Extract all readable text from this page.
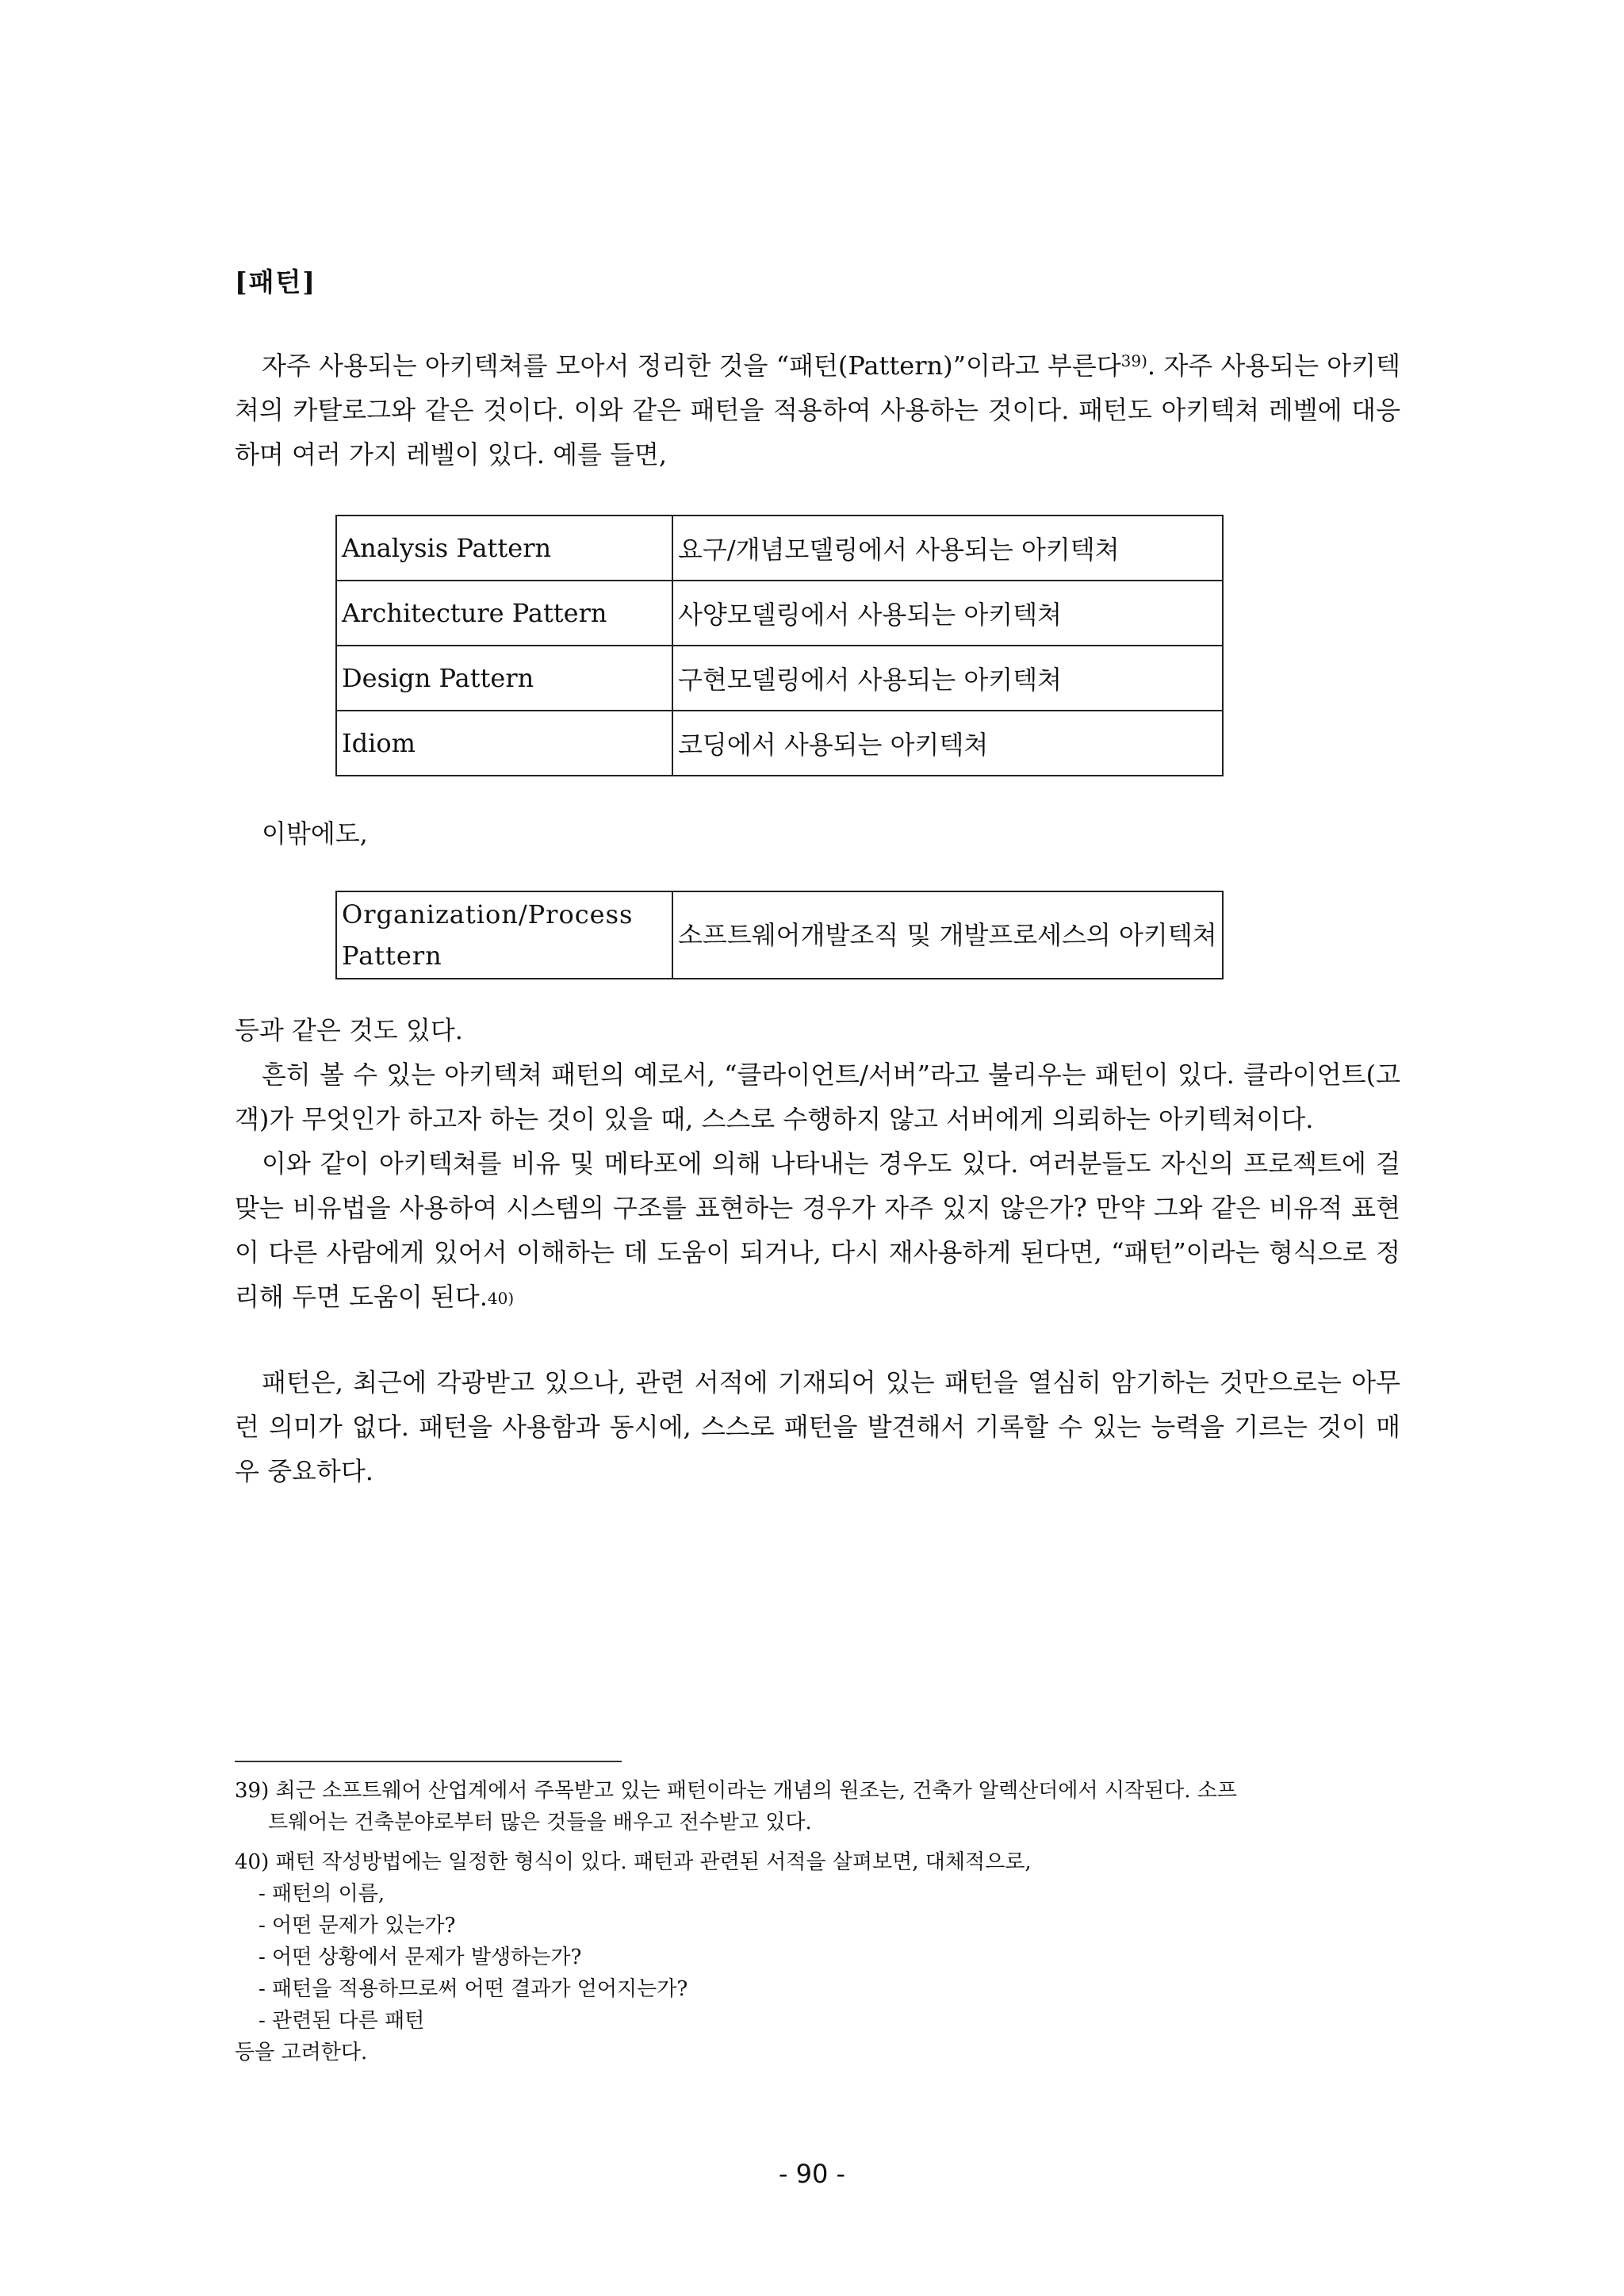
[패턴]

자주 사용되는 아키텍쳐를 모아서 정리한 것을 “패턴(Pattern)”이라고 부른다$^{39)}$. 자주 사용되는 아키텍쳐의 카탈로그와 같은 것이다. 이와 같은 패턴을 적용하여 사용하는 것이다. 패턴도 아키텍쳐 레벨에 대응하며 여러 가지 레벨이 있다. 예를 들면,

Analysis Pattern	요구/개념모델링에서 사용되는 아키텍쳐
Architecture Pattern	사양모델링에서 사용되는 아키텍쳐
Design Pattern	구현모델링에서 사용되는 아키텍쳐
Idiom	코딩에서 사용되는 아키텍쳐

이밖에도,

Organization/Process Pattern	소프트웨어개발조직 및 개발프로세스의 아키텍쳐

등과 같은 것도 있다.

흔히 볼 수 있는 아키텍쳐 패턴의 예로서, “클라이언트/서버”라고 불리우는 패턴이 있다. 클라이언트(고객)가 무엇인가 하고자 하는 것이 있을 때, 스스로 수행하지 않고 서버에게 의뢰하는 아키텍쳐이다.

이와 같이 아키텍쳐를 비유 및 메타포에 의해 나타내는 경우도 있다. 여러분들도 자신의 프로젝트에 걸맞는 비유법을 사용하여 시스템의 구조를 표현하는 경우가 자주 있지 않은가? 만약 그와 같은 비유적 표현이 다른 사람에게 있어서 이해하는 데 도움이 되거나, 다시 재사용하게 된다면, “패턴”이라는 형식으로 정리해 두면 도움이 된다.40)

패턴은, 최근에 각광받고 있으나, 관련 서적에 기재되어 있는 패턴을 열심히 암기하는 것만으로는 아무런 의미가 없다. 패턴을 사용함과 동시에, 스스로 패턴을 발견해서 기록할 수 있는 능력을 기르는 것이 매우 중요하다.

39) 최근 소프트웨어 산업계에서 주목받고 있는 패턴이라는 개념의 원조는, 건축가 알렉산더에서 시작된다. 소프
트웨어는 건축분야로부터 많은 것들을 배우고 전수받고 있다.
40) 패턴 작성방법에는 일정한 형식이 있다. 패턴과 관련된 서적을 살펴보면, 대체적으로,
- 패턴의 이름,
- 어떤 문제가 있는가?
- 어떤 상황에서 문제가 발생하는가?
- 패턴을 적용하므로써 어떤 결과가 얻어지는가?
- 관련된 다른 패턴
등을 고려한다.
- 90 -
